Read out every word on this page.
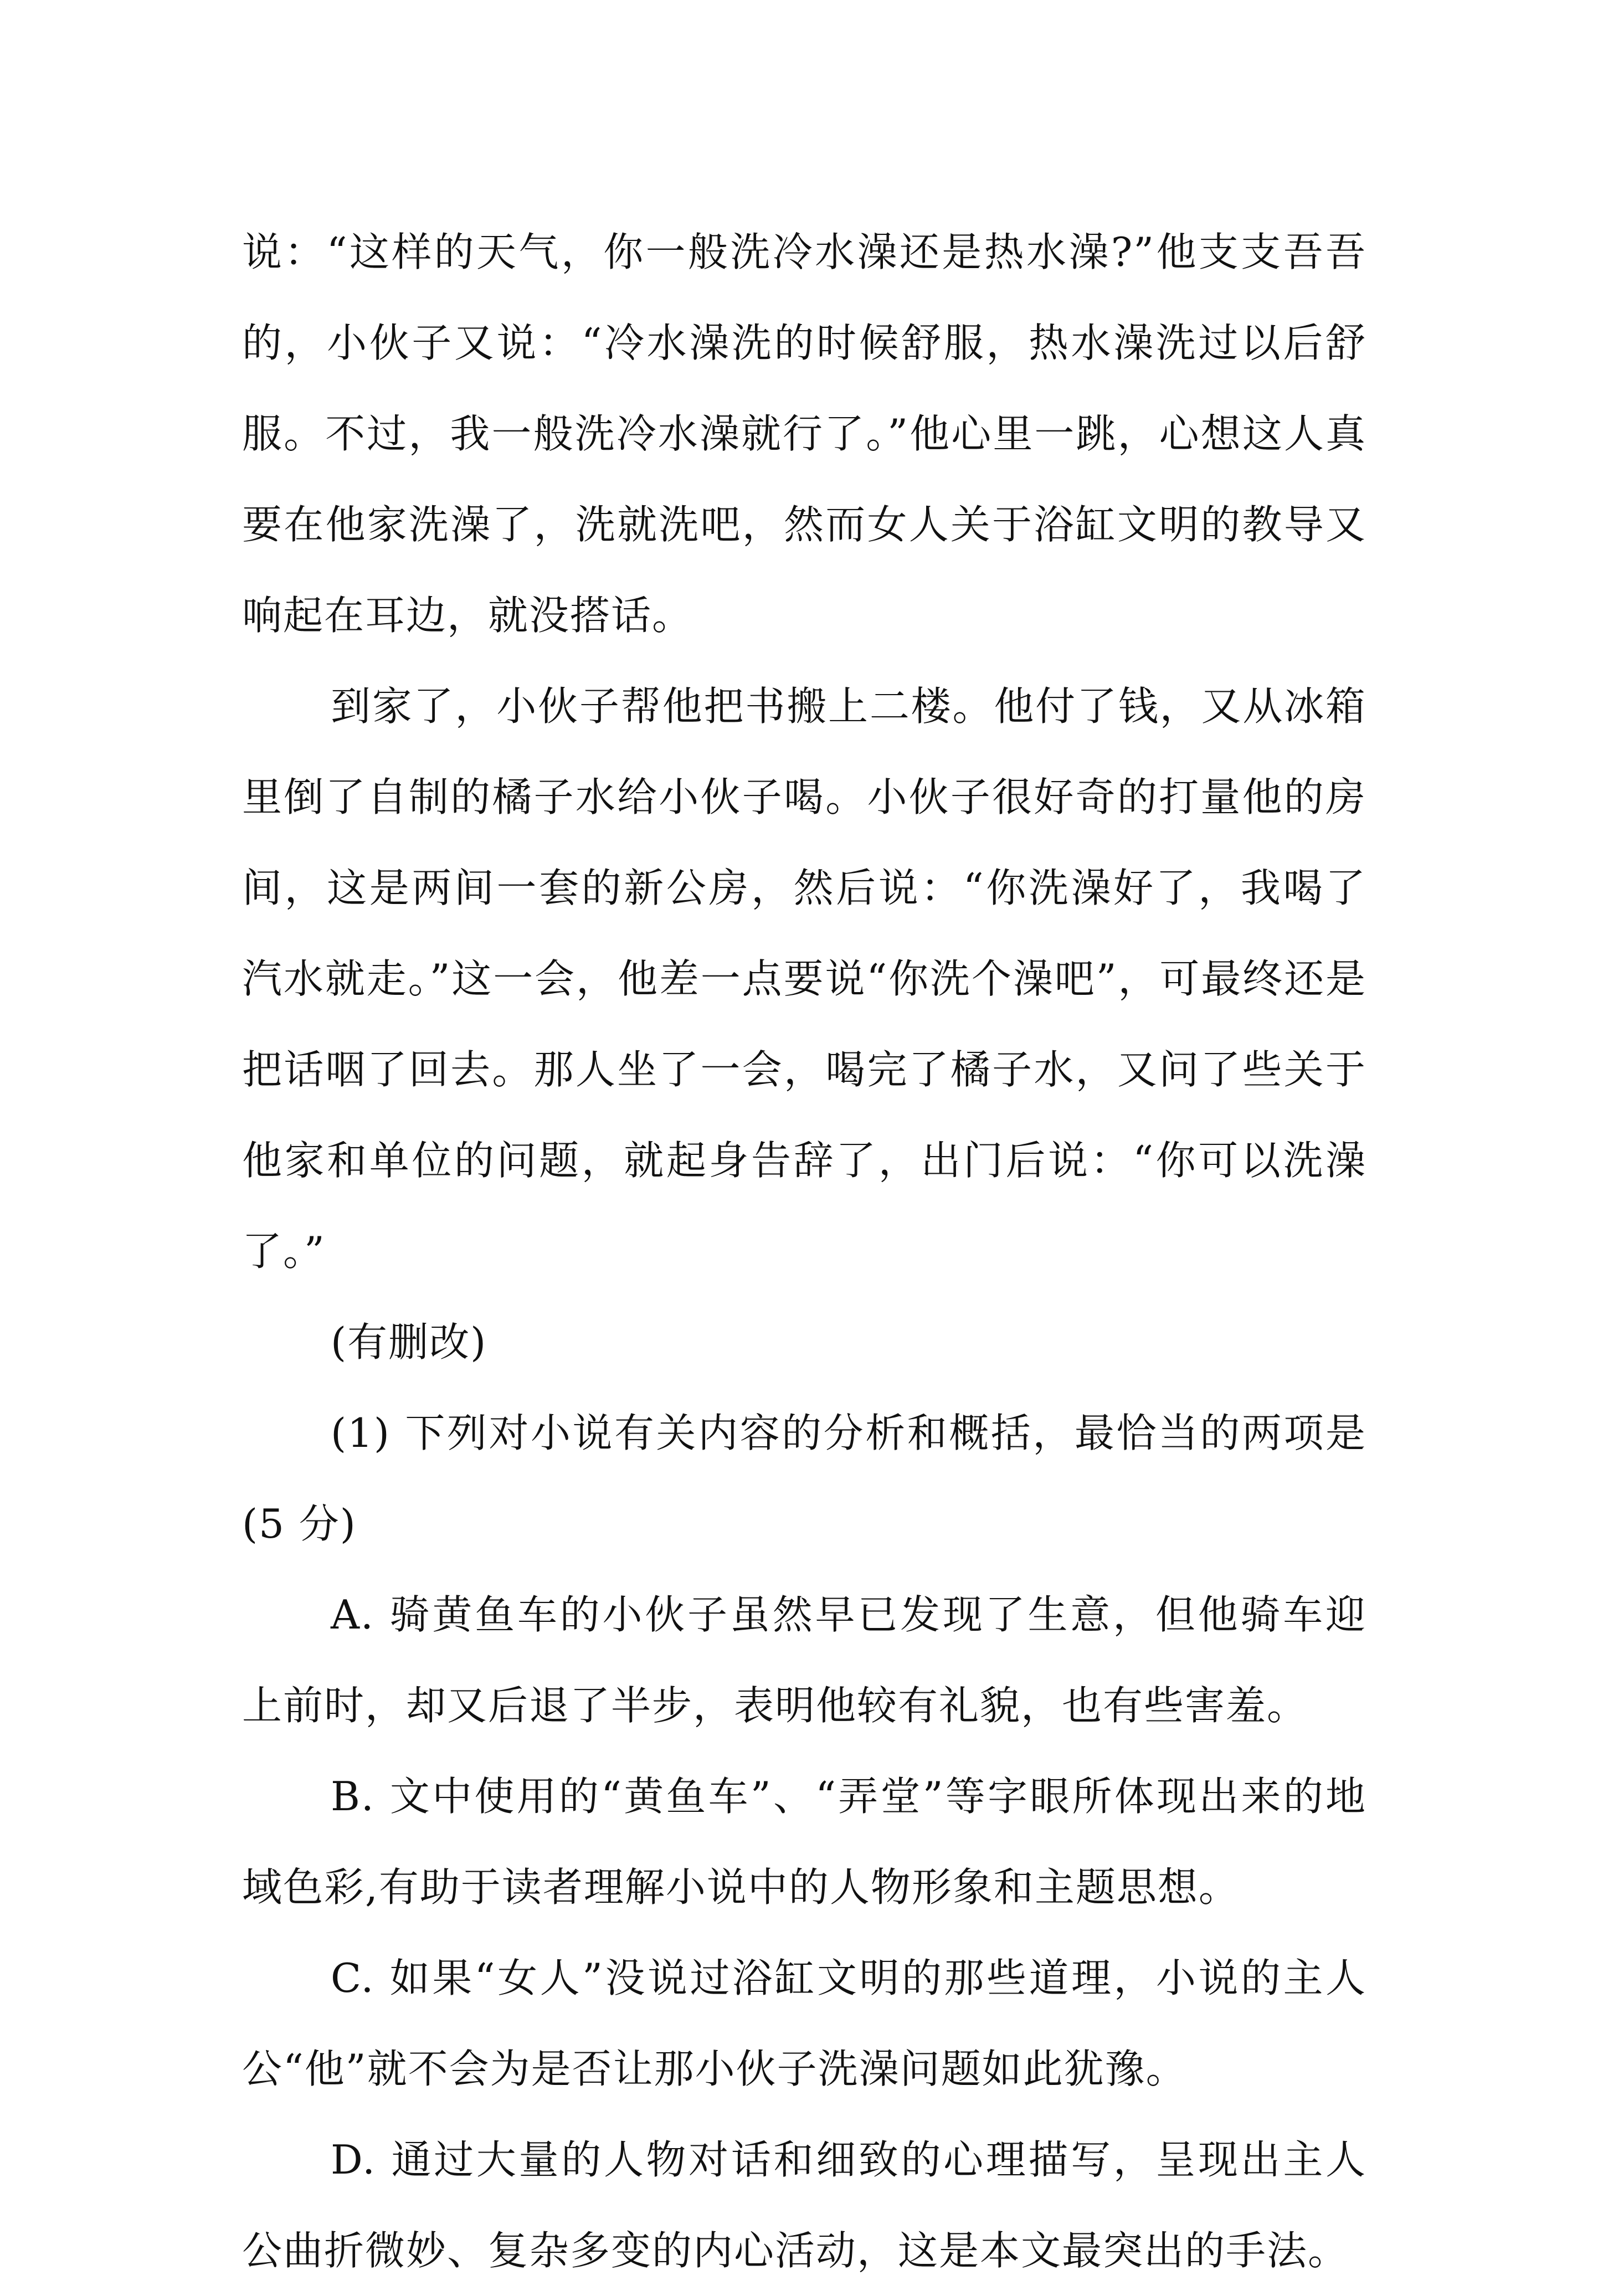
说：“这样的天气，你一般洗冷水澡还是热水澡?”他支支吾吾的，小伙子又说：“冷水澡洗的时候舒服，热水澡洗过以后舒服。不过，我一般洗冷水澡就行了。”他心里一跳，心想这人真要在他家洗澡了，洗就洗吧，然而女人关于浴缸文明的教导又响起在耳边，就没搭话。

到家了，小伙子帮他把书搬上二楼。他付了钱，又从冰箱里倒了自制的橘子水给小伙子喝。小伙子很好奇的打量他的房间，这是两间一套的新公房，然后说：“你洗澡好了，我喝了汽水就走。”这一会，他差一点要说“你洗个澡吧”，可最终还是把话咽了回去。那人坐了一会，喝完了橘子水，又问了些关于他家和单位的问题，就起身告辞了，出门后说：“你可以洗澡了。”

(有删改)

(1) 下列对小说有关内容的分析和概括，最恰当的两项是(5 分)

A. 骑黄鱼车的小伙子虽然早已发现了生意，但他骑车迎上前时，却又后退了半步，表明他较有礼貌，也有些害羞。

B. 文中使用的“黄鱼车”、“弄堂”等字眼所体现出来的地域色彩,有助于读者理解小说中的人物形象和主题思想。

C. 如果“女人”没说过浴缸文明的那些道理，小说的主人公“他”就不会为是否让那小伙子洗澡问题如此犹豫。

D. 通过大量的人物对话和细致的心理描写，呈现出主人公曲折微妙、复杂多变的内心活动，这是本文最突出的手法。
